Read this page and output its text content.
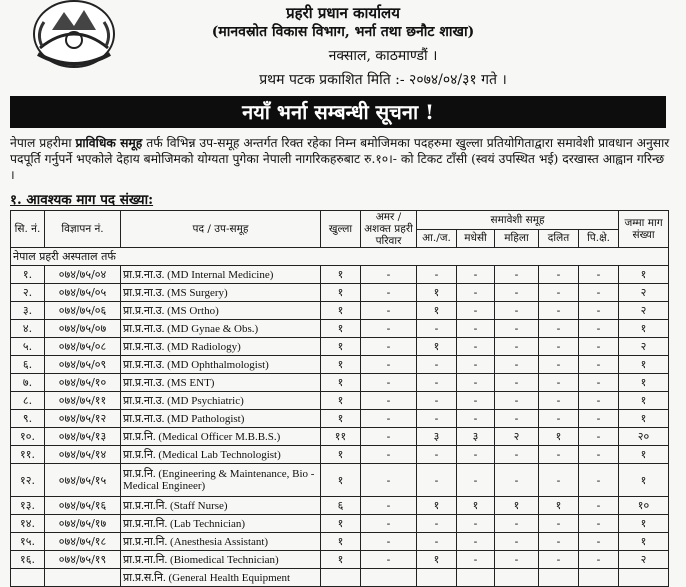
प्रहरी प्रधान कार्यालय
(मानवस्रोत विकास विभाग, भर्ना तथा छनौट शाखा)
नक्साल, काठमाण्डौं ।
प्रथम पटक प्रकाशित मिति :- २०७४/०४/३१ गते ।
नयाँ भर्ना सम्बन्धी सूचना !
नेपाल प्रहरीमा प्राविधिक समूह तर्फ विभिन्न उप-समूह अन्तर्गत रिक्त रहेका निम्न बमोजिमका पदहरुमा खुल्ला प्रतियोगिताद्वारा समावेशी प्रावधान अनुसार पदपूर्ति गर्नुपर्ने भएकोले देहाय बमोजिमको योग्यता पुगेका नेपाली नागरिकहरुबाट रु.१०।- को टिकट टाँसी (स्वयं उपस्थित भई) दरखास्त आह्वान गरिन्छ ।
१. आवश्यक माग पद संख्या:
सि. नं.	विज्ञापन नं.	पद / उप-समूह	खुल्ला	अमर / अशक्त प्रहरी परिवार	समावेशी समूह					जम्मा माग संख्या
					आ./ज.	मधेसी	महिला	दलित	पि.क्षे.	
नेपाल प्रहरी अस्पताल तर्फ										
१.	०७४/७५/०४	प्रा.प्र.ना.उ. (MD Internal Medicine)	१	-	-	-	-	-	-	१
२.	०७४/७५/०५	प्रा.प्र.ना.उ. (MS Surgery)	१	-	१	-	-	-	-	२
३.	०७४/७५/०६	प्रा.प्र.ना.उ. (MS Ortho)	१	-	१	-	-	-	-	२
४.	०७४/७५/०७	प्रा.प्र.ना.उ. (MD Gynae & Obs.)	१	-	-	-	-	-	-	१
५.	०७४/७५/०८	प्रा.प्र.ना.उ. (MD Radiology)	१	-	१	-	-	-	-	२
६.	०७४/७५/०९	प्रा.प्र.ना.उ. (MD Ophthalmologist)	१	-	-	-	-	-	-	१
७.	०७४/७५/१०	प्रा.प्र.ना.उ. (MS ENT)	१	-	-	-	-	-	-	१
८.	०७४/७५/११	प्रा.प्र.ना.उ. (MD Psychiatric)	१	-	-	-	-	-	-	१
९.	०७४/७५/१२	प्रा.प्र.ना.उ. (MD Pathologist)	१	-	-	-	-	-	-	१
१०.	०७४/७५/१३	प्रा.प्र.नि. (Medical Officer M.B.B.S.)	११	-	३	३	२	१	-	२०
११.	०७४/७५/१४	प्रा.प्र.नि. (Medical Lab Technologist)	१	-	-	-	-	-	-	१
१२.	०७४/७५/१५	प्रा.प्र.नि. (Engineering & Maintenance, Bio -Medical Engineer)	१	-	-	-	-	-	-	१
१३.	०७४/७५/१६	प्रा.प्र.ना.नि. (Staff Nurse)	६	-	१	१	१	१	-	१०
१४.	०७४/७५/१७	प्रा.प्र.ना.नि. (Lab Technician)	१	-	-	-	-	-	-	१
१५.	०७४/७५/१८	प्रा.प्र.ना.नि. (Anesthesia Assistant)	१	-	-	-	-	-	-	१
१६.	०७४/७५/१९	प्रा.प्र.ना.नि. (Biomedical Technician)	१	-	१	-	-	-	-	२
		प्रा.प्र.स.नि. (General Health Equipment								
